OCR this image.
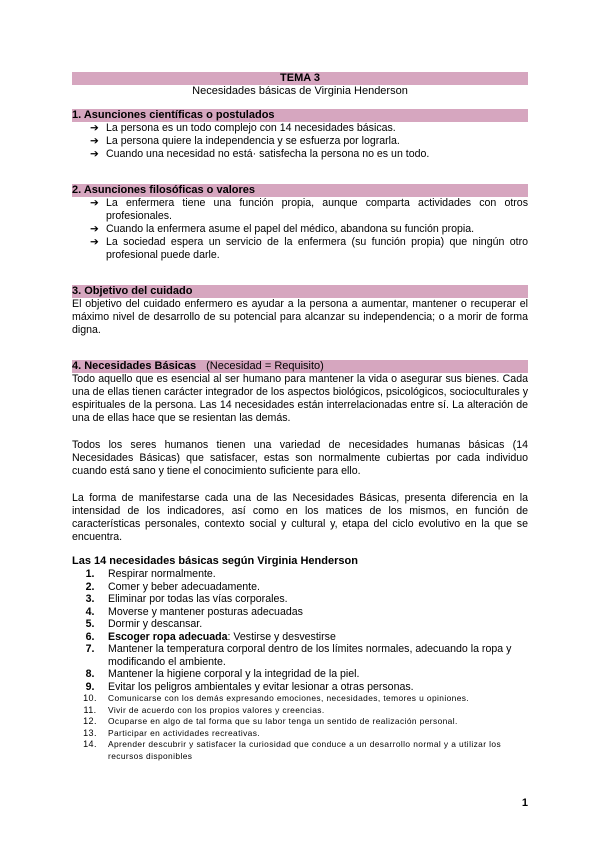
TEMA 3
Necesidades básicas de Virginia Henderson
1. Asunciones científicas o postulados
➔ La persona es un todo complejo con 14 necesidades básicas.
➔ La persona quiere la independencia y se esfuerza por lograrla.
➔ Cuando una necesidad no está· satisfecha la persona no es un todo.
2. Asunciones filosóficas o valores
➔ La enfermera tiene una función propia, aunque comparta actividades con otros profesionales.
➔ Cuando la enfermera asume el papel del médico, abandona su función propia.
➔ La sociedad espera un servicio de la enfermera (su función propia) que ningún otro profesional puede darle.
3. Objetivo del cuidado
El objetivo del cuidado enfermero es ayudar a la persona a aumentar, mantener o recuperar el máximo nivel de desarrollo de su potencial para alcanzar su independencia; o a morir de forma digna.
4. Necesidades Básicas (Necesidad = Requisito)
Todo aquello que es esencial al ser humano para mantener la vida o asegurar sus bienes. Cada una de ellas tienen carácter integrador de los aspectos biológicos, psicológicos, socioculturales y espirituales de la persona. Las 14 necesidades están interrelacionadas entre sí. La alteración de una de ellas hace que se resientan las demás.
Todos los seres humanos tienen una variedad de necesidades humanas básicas (14 Necesidades Básicas) que satisfacer, estas son normalmente cubiertas por cada individuo cuando está sano y tiene el conocimiento suficiente para ello.
La forma de manifestarse cada una de las Necesidades Básicas, presenta diferencia en la intensidad de los indicadores, así como en los matices de los mismos, en función de características personales, contexto social y cultural y, etapa del ciclo evolutivo en la que se encuentra.
Las 14 necesidades básicas según Virginia Henderson
1.	Respirar normalmente.
2.	Comer y beber adecuadamente.
3.	Eliminar por todas las vías corporales.
4.	Moverse y mantener posturas adecuadas
5.	Dormir y descansar.
6.	Escoger ropa adecuada: Vestirse y desvestirse
7.	Mantener la temperatura corporal dentro de los límites normales, adecuando la ropa y modificando el ambiente.
8.	Mantener la higiene corporal y la integridad de la piel.
9.	Evitar los peligros ambientales y evitar lesionar a otras personas.
10.	Comunicarse con los demás expresando emociones, necesidades, temores u opiniones.
11.	Vivir de acuerdo con los propios valores y creencias.
12.	Ocuparse en algo de tal forma que su labor tenga un sentido de realización personal.
13.	Participar en actividades recreativas.
14.	Aprender descubrir y satisfacer la curiosidad que conduce a un desarrollo normal y a utilizar los recursos disponibles
1
